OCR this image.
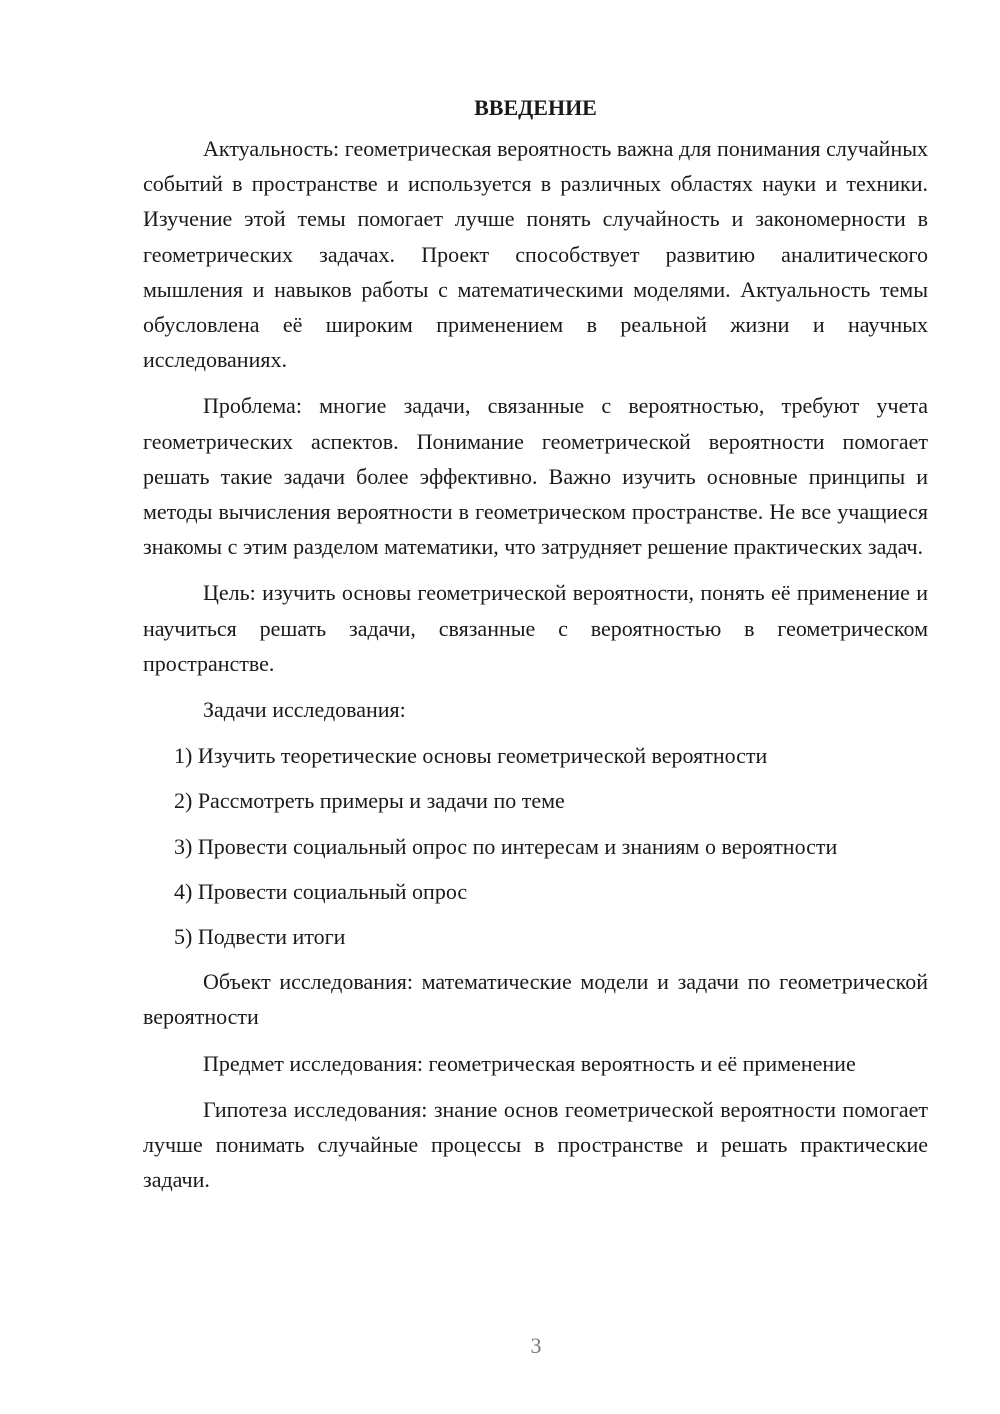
ВВЕДЕНИЕ

Актуальность: геометрическая вероятность важна для понимания случайных событий в пространстве и используется в различных областях науки и техники. Изучение этой темы помогает лучше понять случайность и закономерности в геометрических задачах. Проект способствует развитию аналитического мышления и навыков работы с математическими моделями. Актуальность темы обусловлена её широким применением в реальной жизни и научных исследованиях.

Проблема: многие задачи, связанные с вероятностью, требуют учета геометрических аспектов. Понимание геометрической вероятности помогает решать такие задачи более эффективно. Важно изучить основные принципы и методы вычисления вероятности в геометрическом пространстве. Не все учащиеся знакомы с этим разделом математики, что затрудняет решение практических задач.

Цель: изучить основы геометрической вероятности, понять её применение и научиться решать задачи, связанные с вероятностью в геометрическом пространстве.

Задачи исследования:

1) Изучить теоретические основы геометрической вероятности
2) Рассмотреть примеры и задачи по теме
3) Провести социальный опрос по интересам и знаниям о вероятности
4) Провести социальный опрос
5) Подвести итоги

Объект исследования: математические модели и задачи по геометрической вероятности

Предмет исследования: геометрическая вероятность и её применение

Гипотеза исследования: знание основ геометрической вероятности помогает лучше понимать случайные процессы в пространстве и решать практические задачи.

3
